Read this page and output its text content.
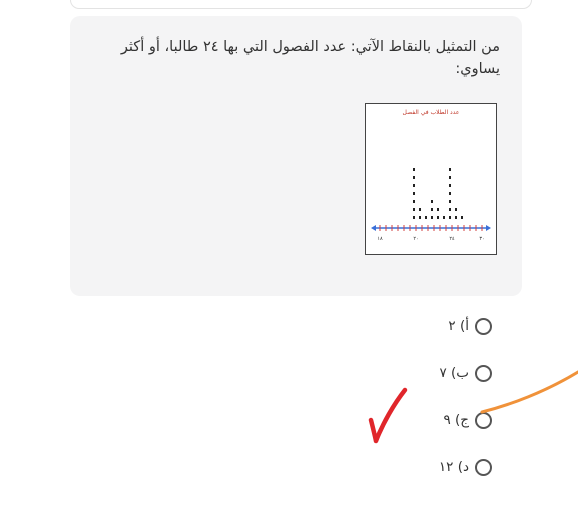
من التمثيل بالنقاط الآتي: عدد الفصول التي بها ٢٤ طالبا، أو أكثر يساوي:
عدد الطلاب في الفصل
١٨	٢٠	٢٤	٣٠
أ) ٢
ب) ٧
ج) ٩
د) ١٢
